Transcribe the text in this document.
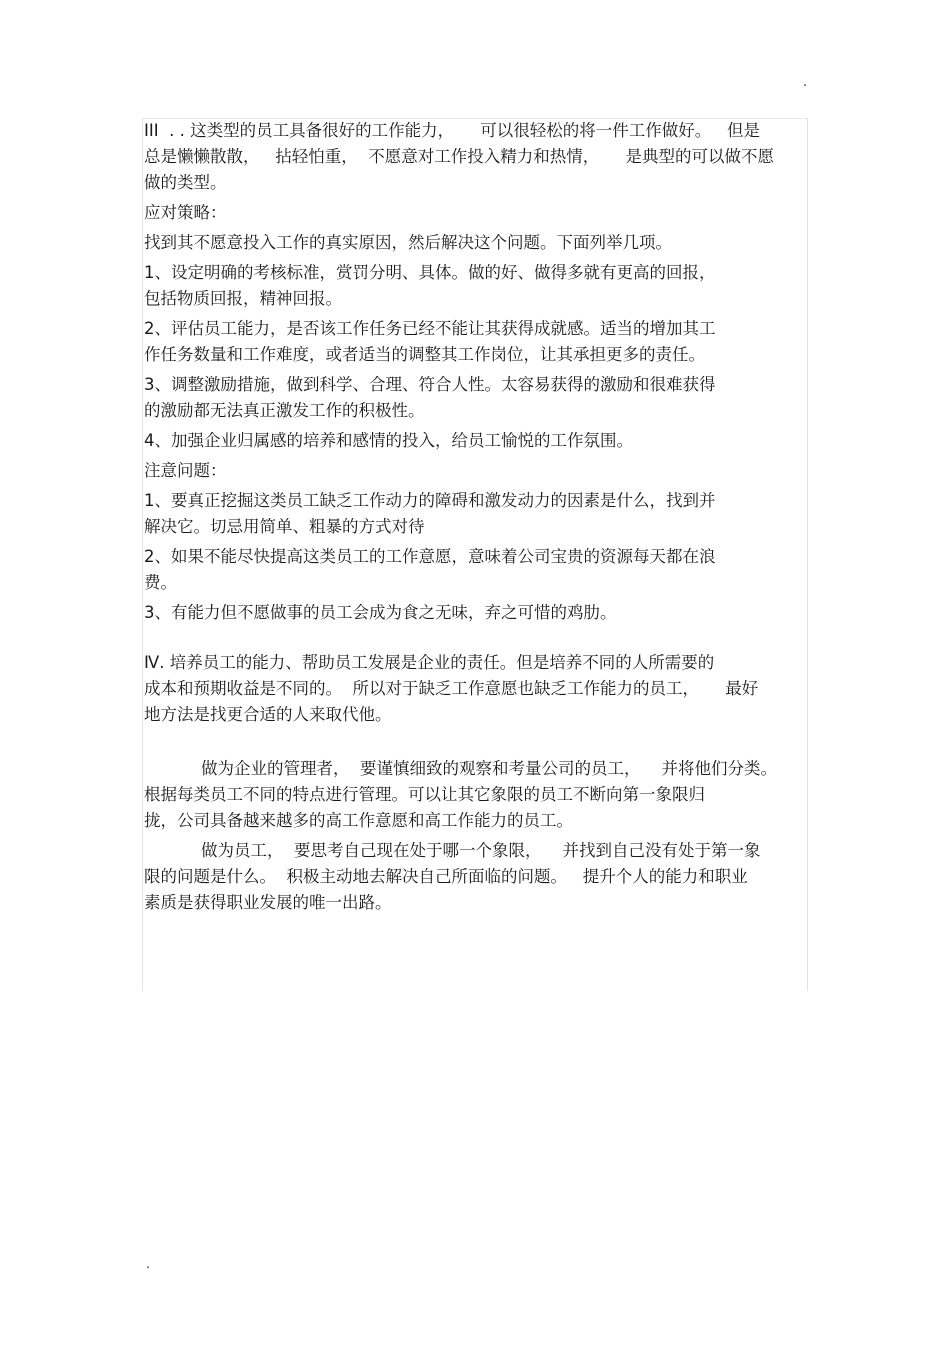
.
.

III  . . 这类型的员工具备很好的工作能力，     可以很轻松的将一件工作做好。   但是

总是懒懒散散，   拈轻怕重，  不愿意对工作投入精力和热情，     是典型的可以做不愿

做的类型。

应对策略：

找到其不愿意投入工作的真实原因，然后解决这个问题。下面列举几项。

1、设定明确的考核标准，赏罚分明、具体。做的好、做得多就有更高的回报，

包括物质回报，精神回报。

2、评估员工能力，是否该工作任务已经不能让其获得成就感。适当的增加其工

作任务数量和工作难度，或者适当的调整其工作岗位，让其承担更多的责任。

3、调整激励措施，做到科学、合理、符合人性。太容易获得的激励和很难获得

的激励都无法真正激发工作的积极性。

4、加强企业归属感的培养和感情的投入，给员工愉悦的工作氛围。

注意问题：

1、要真正挖掘这类员工缺乏工作动力的障碍和激发动力的因素是什么，找到并

解决它。切忌用简单、粗暴的方式对待

2、如果不能尽快提高这类员工的工作意愿，意味着公司宝贵的资源每天都在浪

费。

3、有能力但不愿做事的员工会成为食之无味，弃之可惜的鸡肋。

Ⅳ. 培养员工的能力、帮助员工发展是企业的责任。但是培养不同的人所需要的

成本和预期收益是不同的。  所以对于缺乏工作意愿也缺乏工作能力的员工，     最好

地方法是找更合适的人来取代他。

做为企业的管理者，  要谨慎细致的观察和考量公司的员工，    并将他们分类。

根据每类员工不同的特点进行管理。可以让其它象限的员工不断向第一象限归

拢，公司具备越来越多的高工作意愿和高工作能力的员工。

做为员工，  要思考自己现在处于哪一个象限，    并找到自己没有处于第一象

限的问题是什么。  积极主动地去解决自己所面临的问题。   提升个人的能力和职业

素质是获得职业发展的唯一出路。
